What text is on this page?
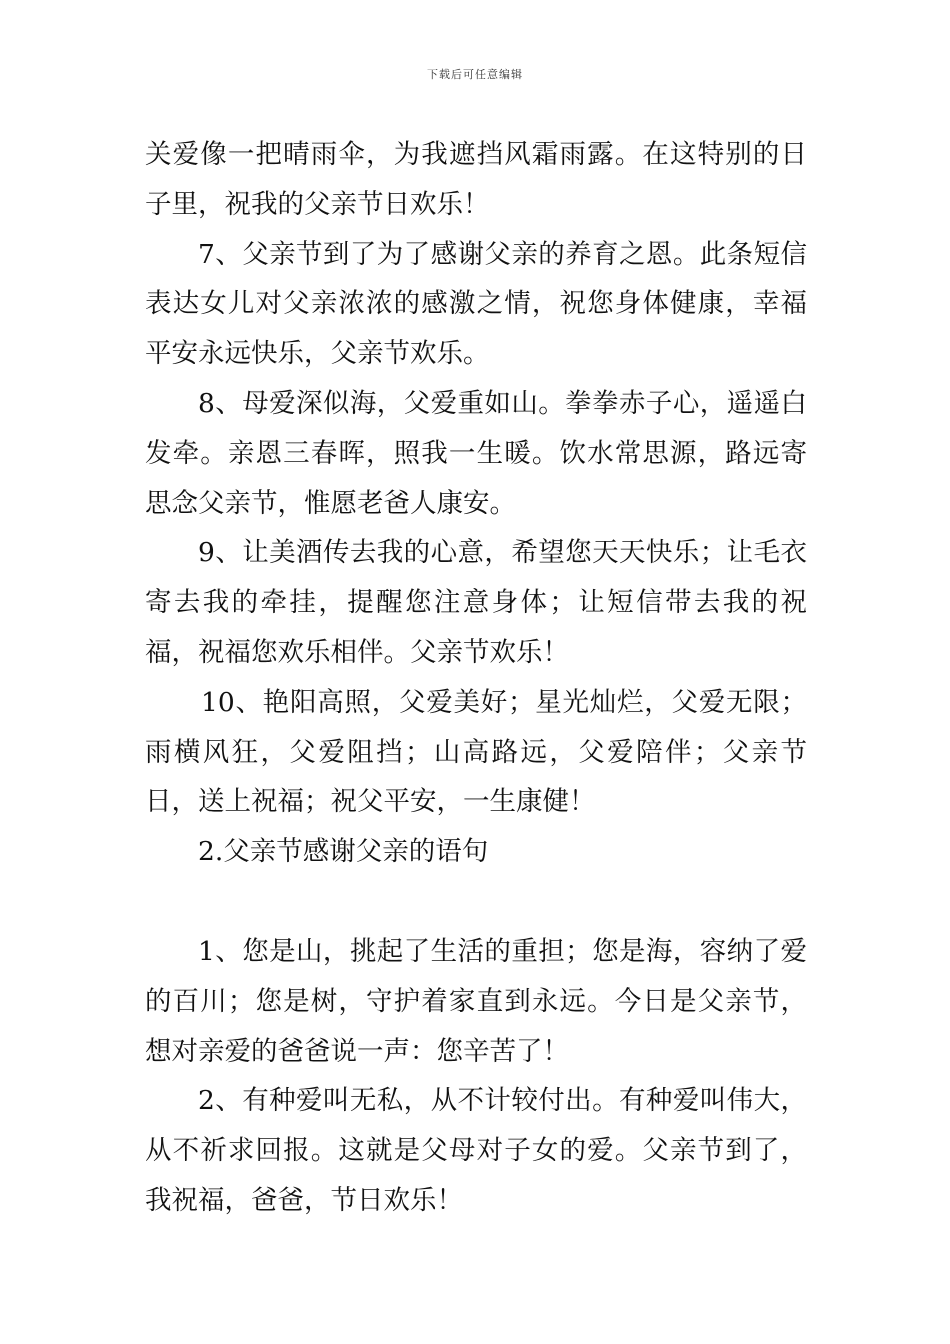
下载后可任意编辑

关爱像一把晴雨伞，为我遮挡风霜雨露。在这特别的日子里，祝我的父亲节日欢乐！

7、父亲节到了为了感谢父亲的养育之恩。此条短信表达女儿对父亲浓浓的感激之情，祝您身体健康，幸福平安永远快乐，父亲节欢乐。

8、母爱深似海，父爱重如山。拳拳赤子心，遥遥白发牵。亲恩三春晖，照我一生暖。饮水常思源，路远寄思念父亲节，惟愿老爸人康安。

9、让美酒传去我的心意，希望您天天快乐；让毛衣寄去我的牵挂，提醒您注意身体；让短信带去我的祝福，祝福您欢乐相伴。父亲节欢乐！

10、艳阳高照，父爱美好；星光灿烂，父爱无限；雨横风狂，父爱阻挡；山高路远，父爱陪伴；父亲节日，送上祝福；祝父平安，一生康健！

2.父亲节感谢父亲的语句

1、您是山，挑起了生活的重担；您是海，容纳了爱的百川；您是树，守护着家直到永远。今日是父亲节，想对亲爱的爸爸说一声：您辛苦了！

2、有种爱叫无私，从不计较付出。有种爱叫伟大，从不祈求回报。这就是父母对子女的爱。父亲节到了，我祝福，爸爸，节日欢乐！
